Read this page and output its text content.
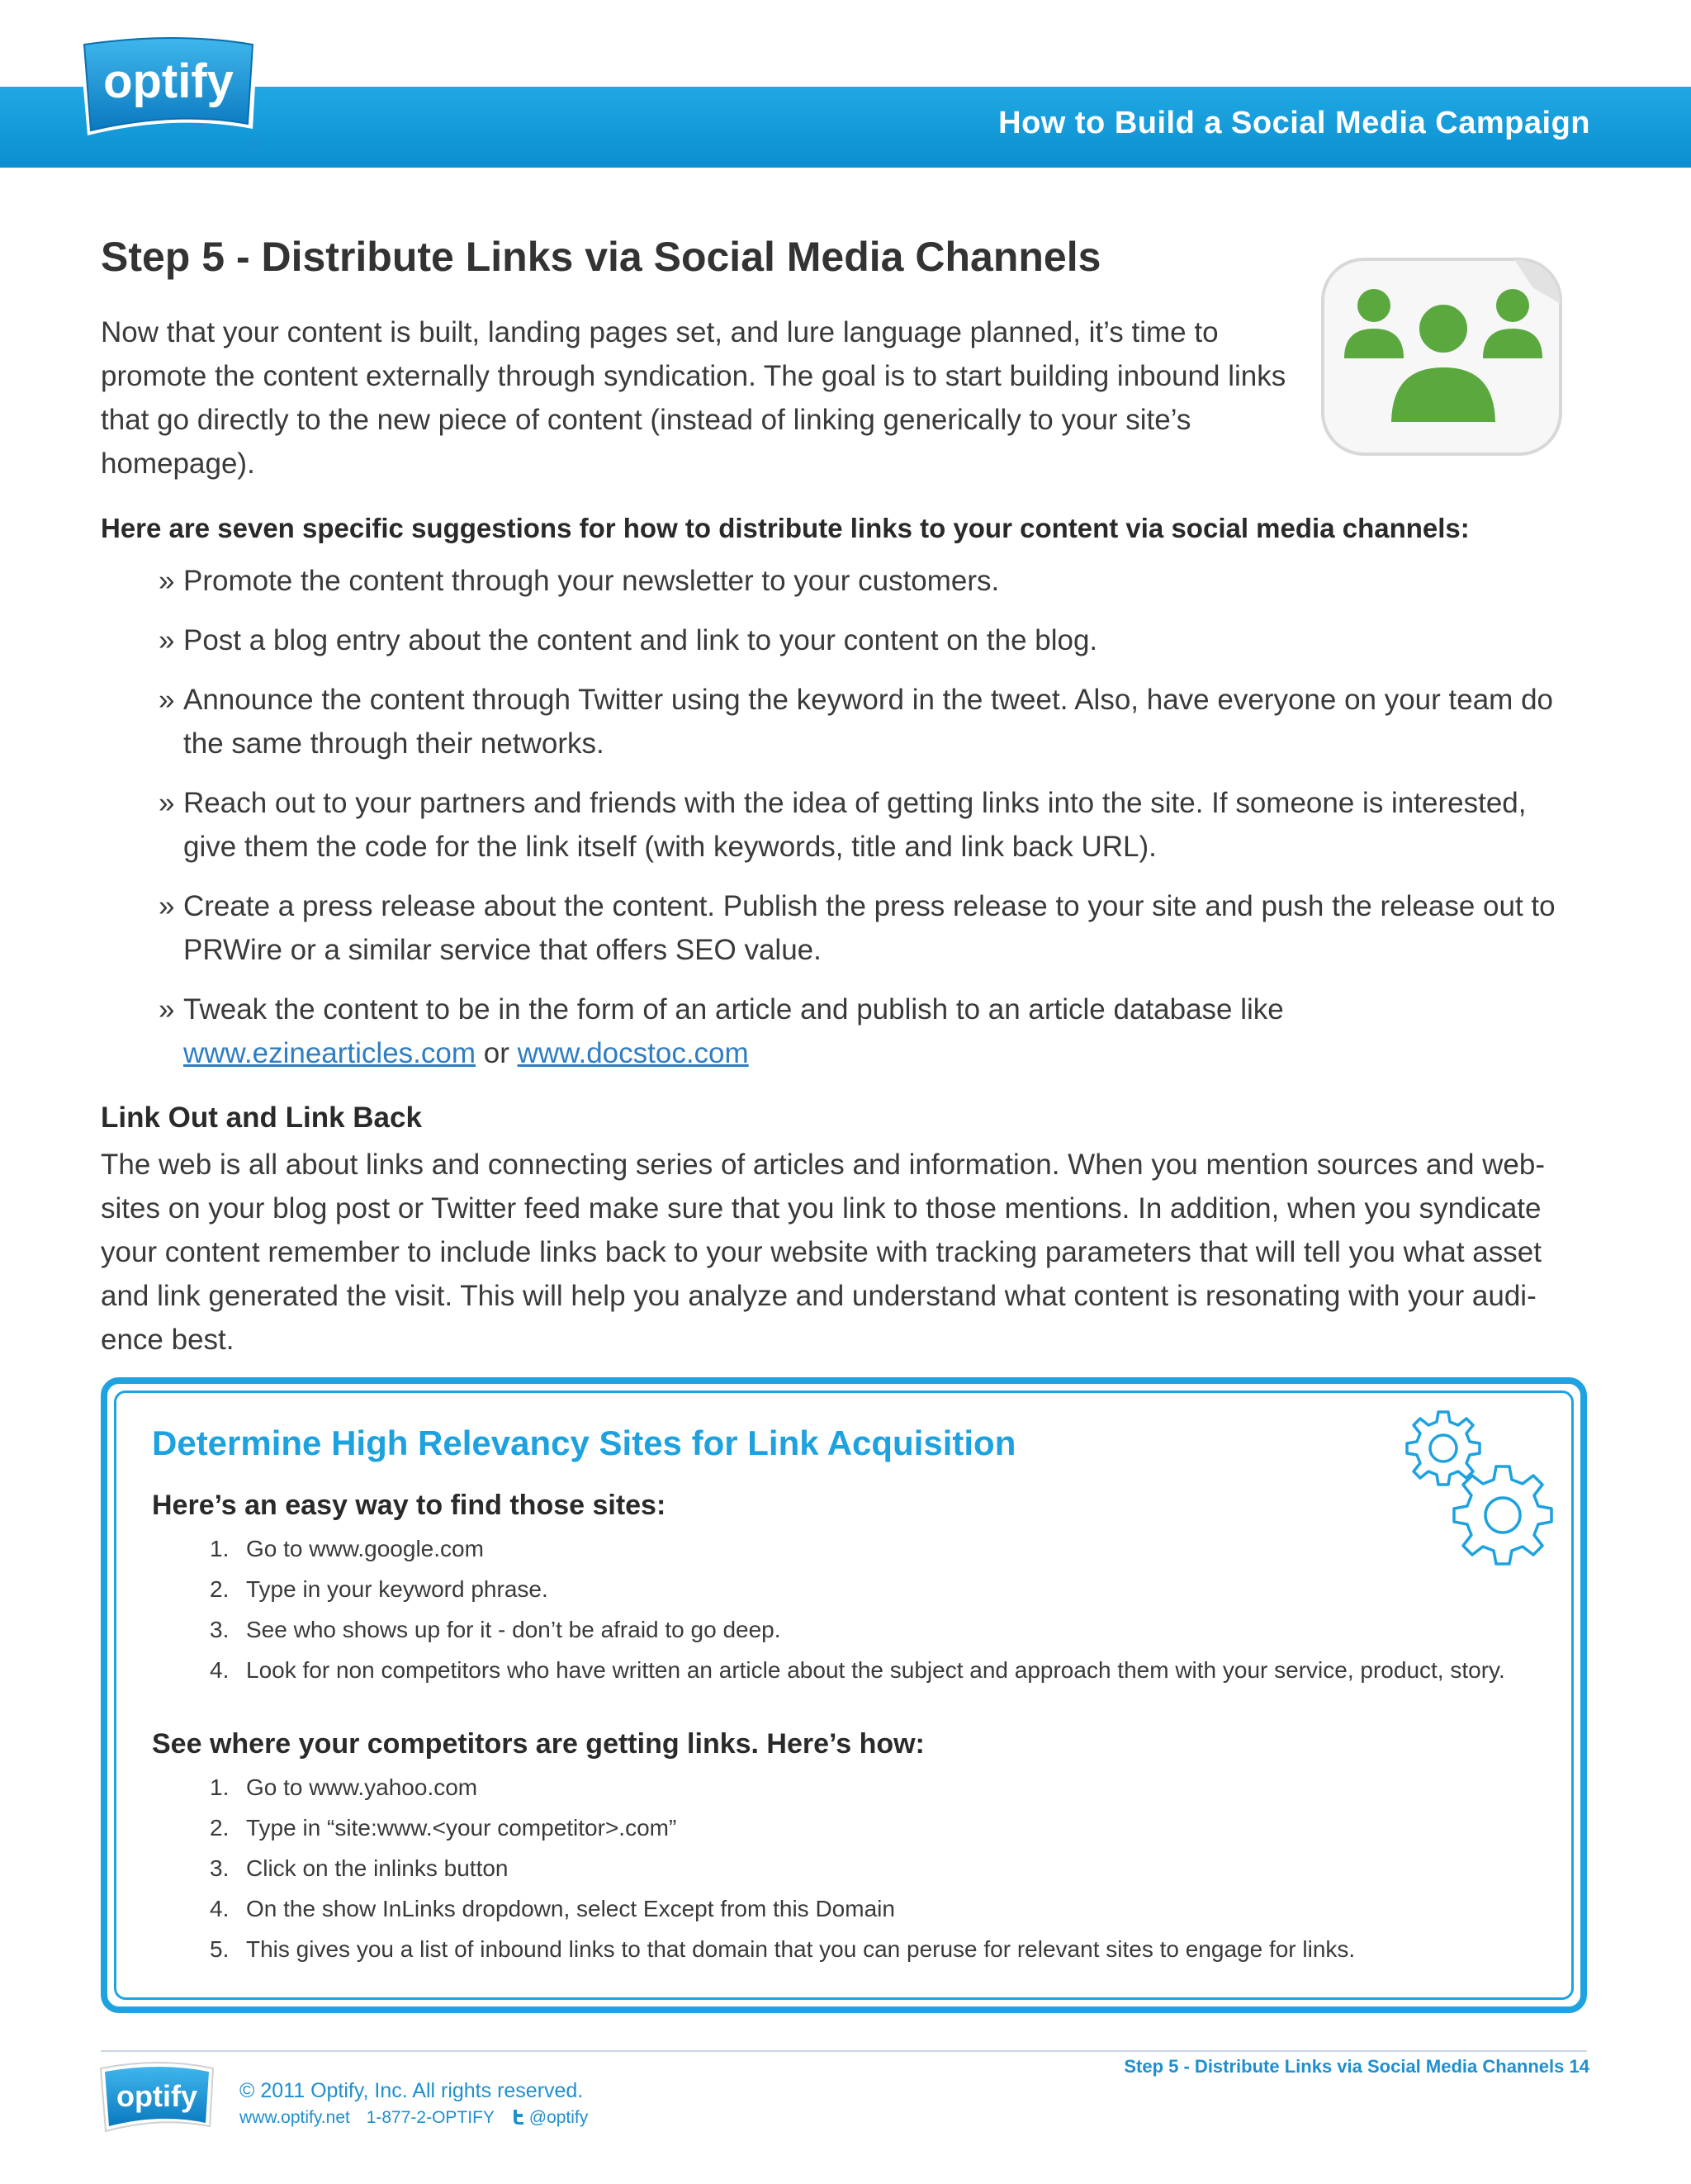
How to Build a Social Media Campaign
optify
®
Step 5 - Distribute Links via Social Media Channels

Now that your content is built, landing pages set, and lure language planned, it’s time to promote the content externally through syndication. The goal is to start building inbound links that go directly to the new piece of content (instead of linking generically to your site’s homepage).

Here are seven specific suggestions for how to distribute links to your content via social media channels:

» Promote the content through your newsletter to your customers.
» Post a blog entry about the content and link to your content on the blog.
» Announce the content through Twitter using the keyword in the tweet. Also, have everyone on your team do the same through their networks.
» Reach out to your partners and friends with the idea of getting links into the site. If someone is interested, give them the code for the link itself (with keywords, title and link back URL).
» Create a press release about the content. Publish the press release to your site and push the release out to PRWire or a similar service that offers SEO value.
» Tweak the content to be in the form of an article and publish to an article database like www.ezinearticles.com or www.docstoc.com

Link Out and Link Back

The web is all about links and connecting series of articles and information. When you mention sources and web-sites on your blog post or Twitter feed make sure that you link to those mentions. In addition, when you syndicate your content remember to include links back to your website with tracking parameters that will tell you what asset and link generated the visit. This will help you analyze and understand what content is resonating with your audi-ence best.

Determine High Relevancy Sites for Link Acquisition

Here’s an easy way to find those sites:

1. Go to www.google.com
2. Type in your keyword phrase.
3. See who shows up for it - don’t be afraid to go deep.
4. Look for non competitors who have written an article about the subject and approach them with your service, product, story.

See where your competitors are getting links. Here’s how:

1. Go to www.yahoo.com
2. Type in “site:www.<your competitor>.com”
3. Click on the inlinks button
4. On the show InLinks dropdown, select Except from this Domain
5. This gives you a list of inbound links to that domain that you can peruse for relevant sites to engage for links.
Step 5 - Distribute Links via Social Media Channels 14
optify © 2011 Optify, Inc. All rights reserved.
www.optify.net 1-877-2-OPTIFY @optify
